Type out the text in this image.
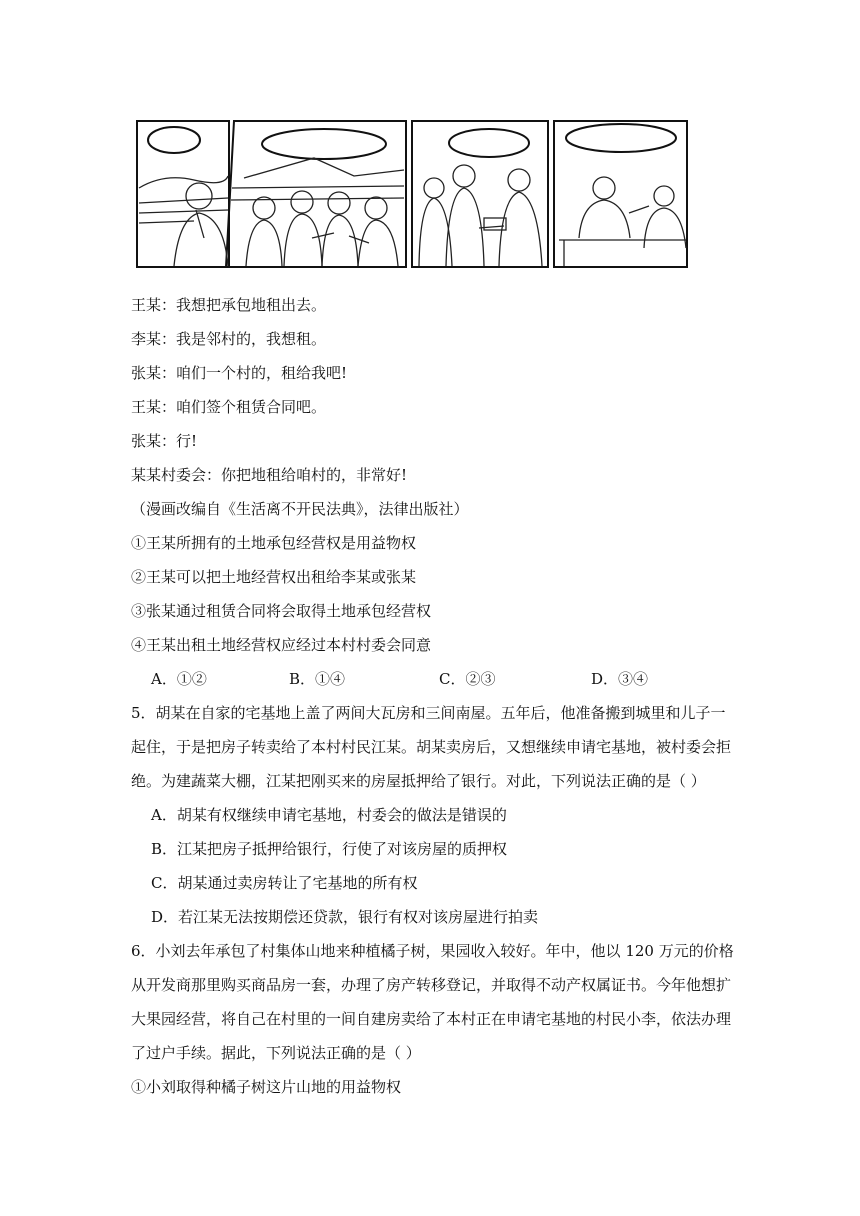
王某：我想把承包地租出去。
李某：我是邻村的，我想租。
张某：咱们一个村的，租给我吧!
王某：咱们签个租赁合同吧。
张某：行!
某某村委会：你把地租给咱村的，非常好!
（漫画改编自《生活离不开民法典》，法律出版社）
①王某所拥有的土地承包经营权是用益物权
②王某可以把土地经营权出租给李某或张某
③张某通过租赁合同将会取得土地承包经营权
④王某出租土地经营权应经过本村村委会同意
A．①②	B．①④	C．②③	D．③④
5．胡某在自家的宅基地上盖了两间大瓦房和三间南屋。五年后，他准备搬到城里和儿子一
起住，于是把房子转卖给了本村村民江某。胡某卖房后，又想继续申请宅基地，被村委会拒
绝。为建蔬菜大棚，江某把刚买来的房屋抵押给了银行。对此，下列说法正确的是（ ）
A．胡某有权继续申请宅基地，村委会的做法是错误的
B．江某把房子抵押给银行，行使了对该房屋的质押权
C．胡某通过卖房转让了宅基地的所有权
D．若江某无法按期偿还贷款，银行有权对该房屋进行拍卖
6．小刘去年承包了村集体山地来种植橘子树，果园收入较好。年中，他以 120 万元的价格
从开发商那里购买商品房一套，办理了房产转移登记，并取得不动产权属证书。今年他想扩
大果园经营，将自己在村里的一间自建房卖给了本村正在申请宅基地的村民小李，依法办理
了过户手续。据此，下列说法正确的是（ ）
①小刘取得种橘子树这片山地的用益物权
